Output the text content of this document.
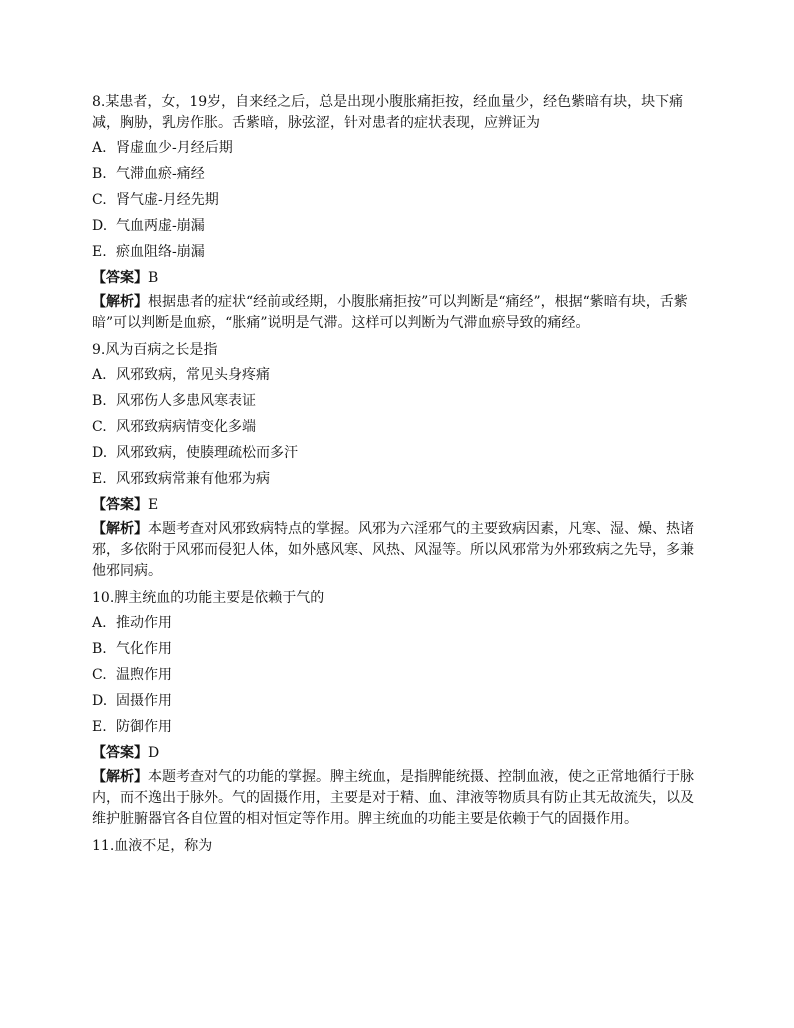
8.某患者，女，19岁，自来经之后，总是出现小腹胀痛拒按，经血量少，经色紫暗有块，块下痛减，胸胁，乳房作胀。舌紫暗，脉弦涩，针对患者的症状表现，应辨证为

A. 肾虚血少-月经后期
B. 气滞血瘀-痛经
C. 肾气虚-月经先期
D. 气血两虚-崩漏
E. 瘀血阻络-崩漏

【答案】B

【解析】根据患者的症状“经前或经期，小腹胀痛拒按”可以判断是“痛经”，根据“紫暗有块，舌紫暗”可以判断是血瘀，“胀痛”说明是气滞。这样可以判断为气滞血瘀导致的痛经。

9.风为百病之长是指

A. 风邪致病，常见头身疼痛
B. 风邪伤人多患风寒表证
C. 风邪致病病情变化多端
D. 风邪致病，使腠理疏松而多汗
E. 风邪致病常兼有他邪为病

【答案】E

【解析】本题考查对风邪致病特点的掌握。风邪为六淫邪气的主要致病因素，凡寒、湿、燥、热诸邪，多依附于风邪而侵犯人体，如外感风寒、风热、风湿等。所以风邪常为外邪致病之先导，多兼他邪同病。

10.脾主统血的功能主要是依赖于气的

A. 推动作用
B. 气化作用
C. 温煦作用
D. 固摄作用
E. 防御作用

【答案】D

【解析】本题考查对气的功能的掌握。脾主统血，是指脾能统摄、控制血液，使之正常地循行于脉内，而不逸出于脉外。气的固摄作用，主要是对于精、血、津液等物质具有防止其无故流失，以及维护脏腑器官各自位置的相对恒定等作用。脾主统血的功能主要是依赖于气的固摄作用。

11.血液不足，称为
